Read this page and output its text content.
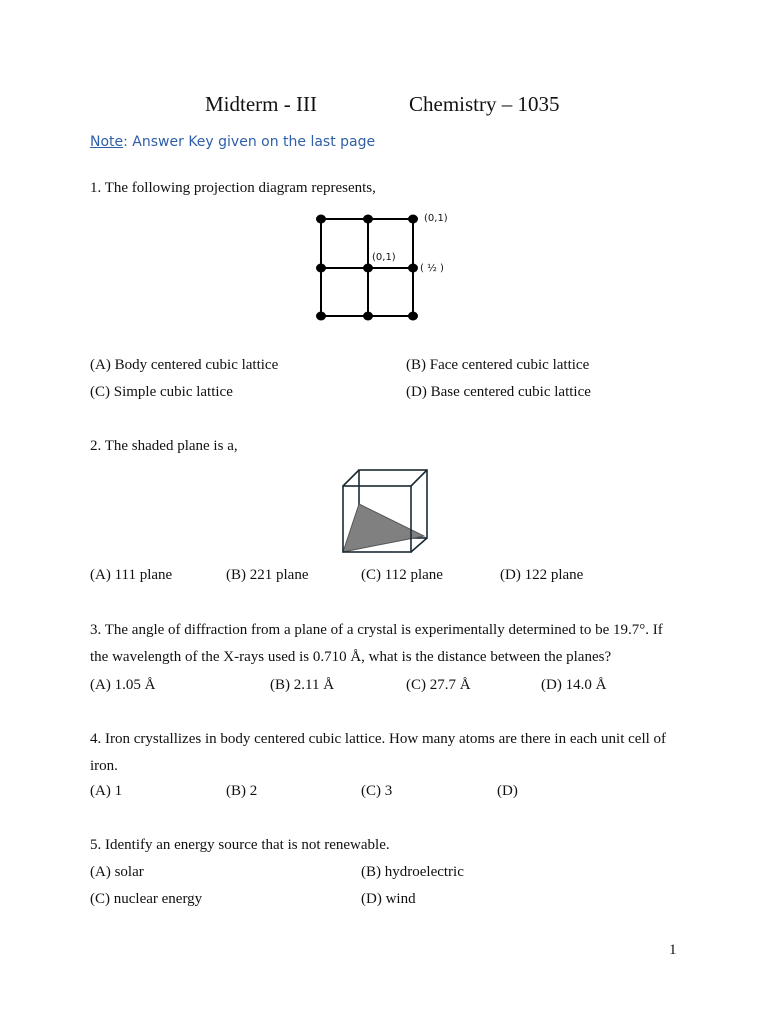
Midterm - III	Chemistry – 1035
Note: Answer Key given on the last page
1. The following projection diagram represents,
(0,1)
(0,1)
( ½ )
(A) Body centered cubic lattice	(B) Face centered cubic lattice
(C) Simple cubic lattice	(D) Base centered cubic lattice
2. The shaded plane is a,
(A) 111 plane	(B) 221 plane	(C) 112 plane	(D) 122 plane
3. The angle of diffraction from a plane of a crystal is experimentally determined to be 19.7°. If
the wavelength of the X-rays used is 0.710 Å, what is the distance between the planes?
(A) 1.05 Å	(B) 2.11 Å	(C) 27.7 Å	(D) 14.0 Å
4. Iron crystallizes in body centered cubic lattice. How many atoms are there in each unit cell of
iron.
(A) 1	(B) 2	(C) 3	(D)
5. Identify an energy source that is not renewable.
(A) solar	(B) hydroelectric
(C) nuclear energy	(D) wind
1
